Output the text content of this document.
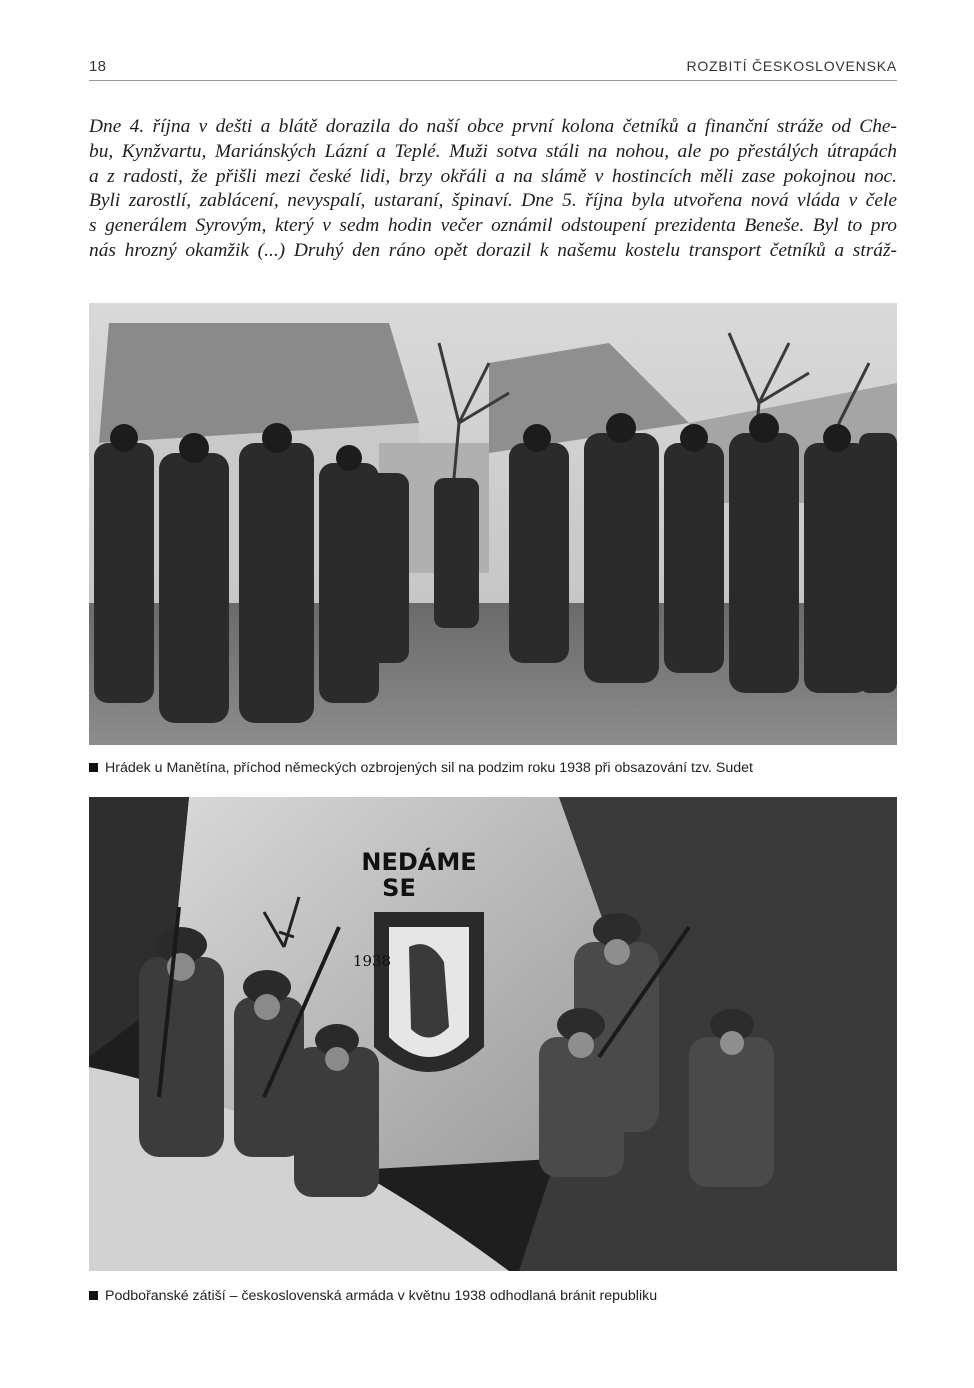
18	ROZBITÍ ČESKOSLOVENSKA
Dne 4. října v dešti a blátě dorazila do naší obce první kolona četníků a finanční stráže od Che-
bu, Kynžvartu, Mariánských Lázní a Teplé. Muži sotva stáli na nohou, ale po přestálých útrapách
a z radosti, že přišli mezi české lidi, brzy okřáli a na slámě v hostincích měli zase pokojnou noc.
Byli zarostlí, zablácení, nevyspalí, ustaraní, špinaví. Dne 5. října byla utvořena nová vláda v čele
s generálem Syrovým, který v sedm hodin večer oznámil odstoupení prezidenta Beneše. Byl to pro
nás hrozný okamžik (...) Druhý den ráno opět dorazil k našemu kostelu transport četníků a stráž-
Hrádek u Manětína, příchod německých ozbrojených sil na podzim roku 1938 při obsazování tzv. Sudet
NEDÁME
SE
1938
Podbořanské zátiší – československá armáda v květnu 1938 odhodlaná bránit republiku
